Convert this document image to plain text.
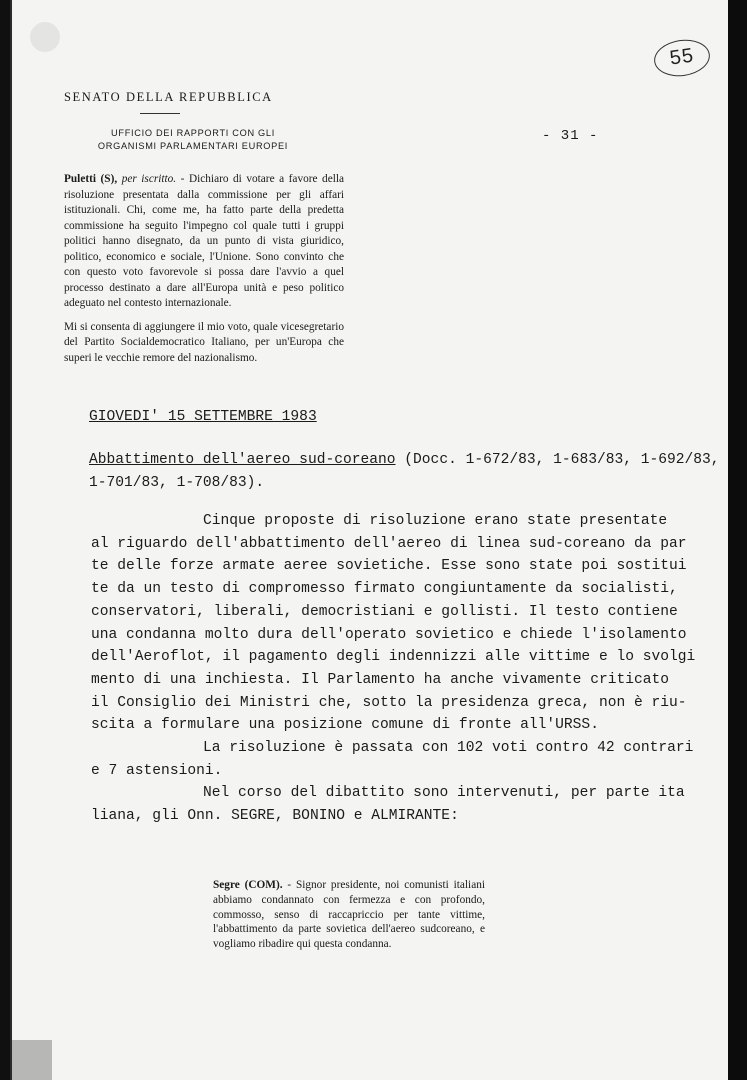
SENATO DELLA REPUBBLICA
UFFICIO DEI RAPPORTI CON GLI
ORGANISMI PARLAMENTARI EUROPEI
- 31 -
55

Puletti (S), per iscritto. - Dichiaro di votare a favore della risoluzione presentata dalla commissione per gli affari istituzionali. Chi, come me, ha fatto parte della predetta commissione ha seguito l'impegno col quale tutti i gruppi politici hanno disegnato, da un punto di vista giuridico, politico, economico e sociale, l'Unione. Sono convinto che con questo voto favorevole si possa dare l'avvio a quel processo destinato a dare all'Europa unità e peso politico adeguato nel contesto internazionale.

Mi si consenta di aggiungere il mio voto, quale vicesegretario del Partito Socialdemocratico Italiano, per un'Europa che superi le vecchie remore del nazionalismo.

GIOVEDI' 15 SETTEMBRE 1983
Abbattimento dell'aereo sud-coreano (Docc. 1-672/83, 1-683/83, 1-692/83,
1-701/83, 1-708/83).

Cinque proposte di risoluzione erano state presentate

al riguardo dell'abbattimento dell'aereo di linea sud-coreano da par

te delle forze armate aeree sovietiche. Esse sono state poi sostitui

te da un testo di compromesso firmato congiuntamente da socialisti,

conservatori, liberali, democristiani e gollisti. Il testo contiene

una condanna molto dura dell'operato sovietico e chiede l'isolamento

dell'Aeroflot, il pagamento degli indennizzi alle vittime e lo svolgi

mento di una inchiesta. Il Parlamento ha anche vivamente criticato

il Consiglio dei Ministri che, sotto la presidenza greca, non è riu-

scita a formulare una posizione comune di fronte all'URSS.

La risoluzione è passata con 102 voti contro 42 contrari

e 7 astensioni.

Nel corso del dibattito sono intervenuti, per parte ita

liana, gli Onn. SEGRE, BONINO e ALMIRANTE:

Segre (COM). - Signor presidente, noi comunisti italiani abbiamo condannato con fermezza e con profondo, commosso, senso di raccapriccio per tante vittime, l'abbattimento da parte sovietica dell'aereo sudcoreano, e vogliamo ribadire qui questa condanna.
